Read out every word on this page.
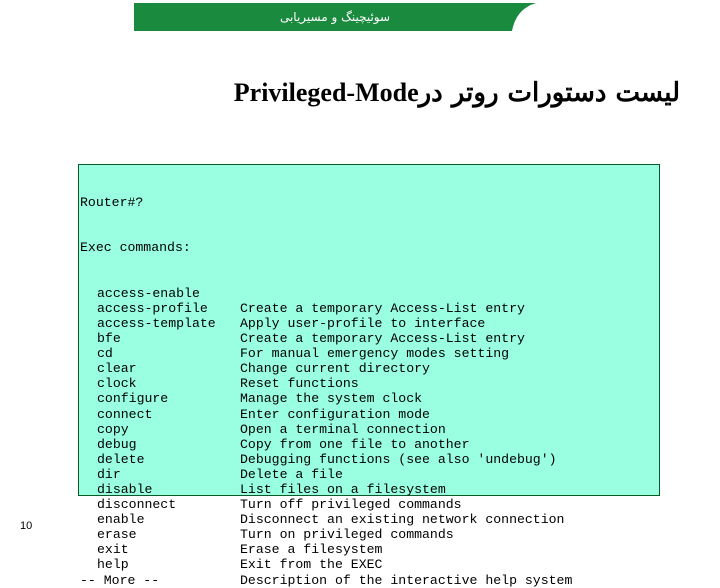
سوئیچینگ و مسیریابی
لیست دستورات روتر درPrivileged-Mode

Router#?

Exec commands:

access-enable
access-profile Create a temporary Access-List entry
access-template Apply user-profile to interface
bfe	Create a temporary Access-List entry
cd	For manual emergency modes setting
clear	Change current directory
clock	Reset functions
configure	Manage the system clock
connect	Enter configuration mode
copy	Open a terminal connection
debug	Copy from one file to another
delete	Debugging functions (see also 'undebug')
dir	Delete a file
disable	List files on a filesystem
disconnect	Turn off privileged commands
enable	Disconnect an existing network connection
erase	Turn on privileged commands
exit	Erase a filesystem
help	Exit from the EXEC
-- More --	Description of the interactive help system
10
